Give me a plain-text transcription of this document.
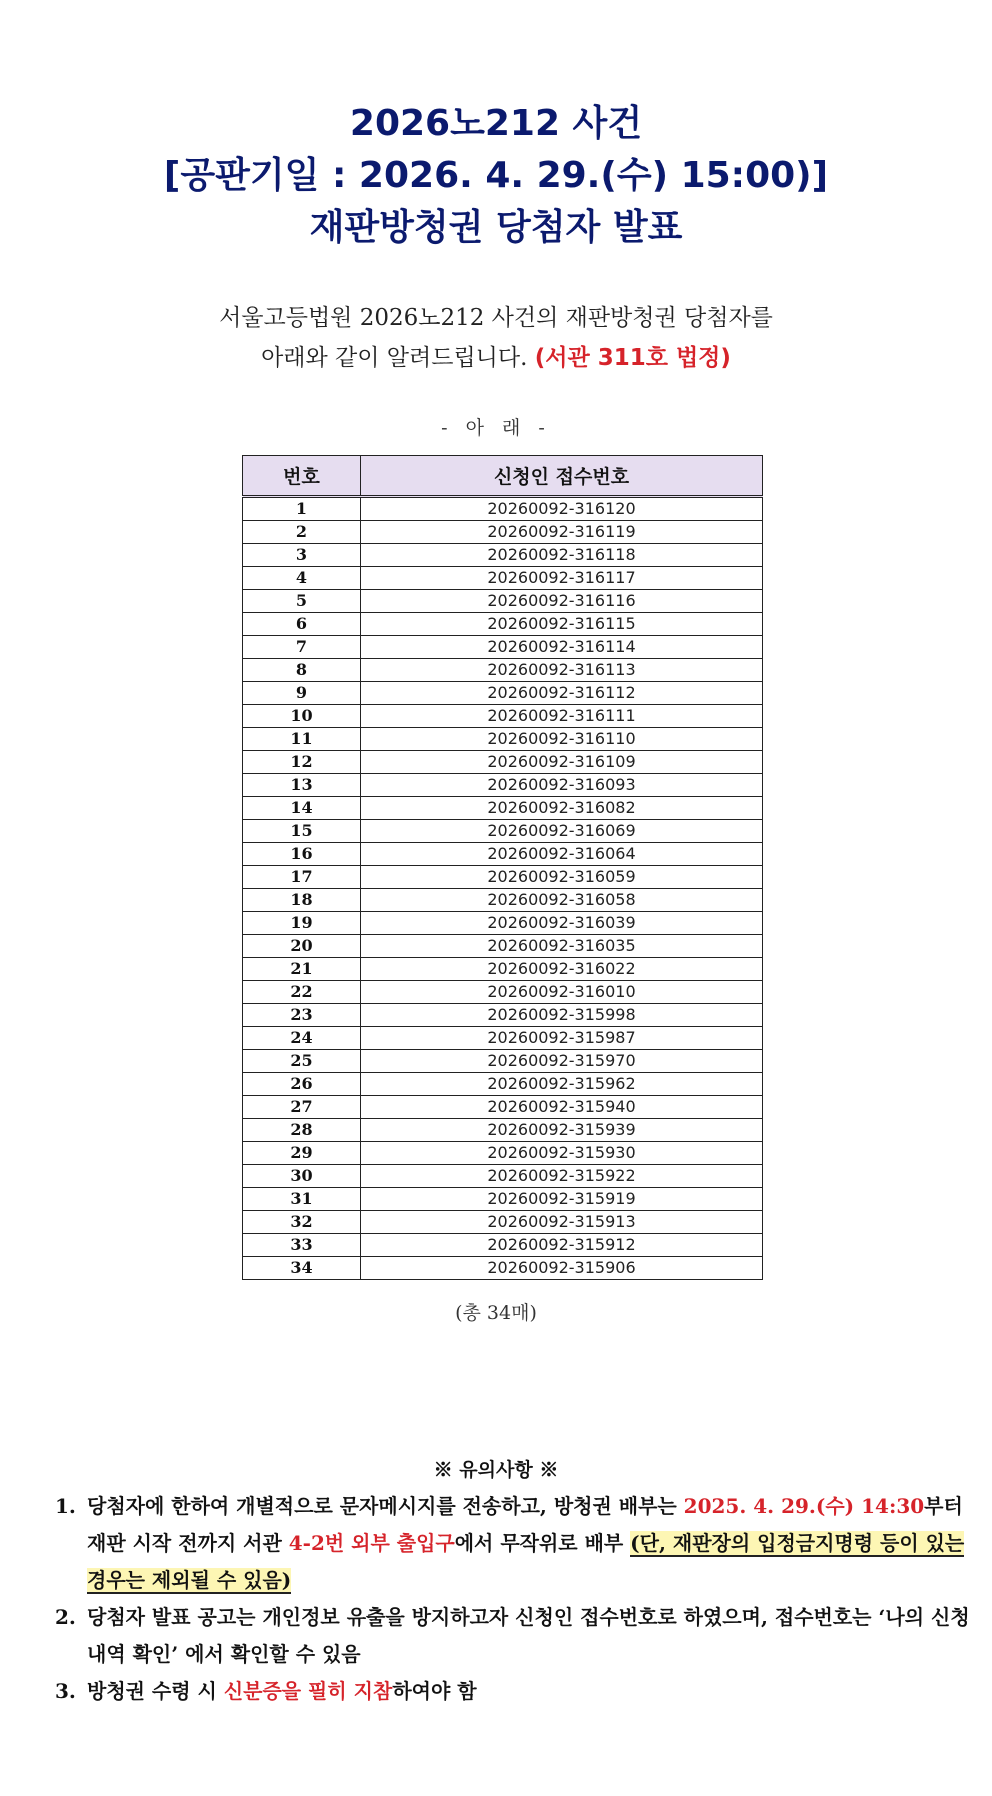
2026노212 사건
[공판기일 : 2026. 4. 29.(수) 15:00)]
재판방청권 당첨자 발표
서울고등법원 2026노212 사건의 재판방청권 당첨자를
아래와 같이 알려드립니다. (서관 311호 법정)
- 아 래 -
번호	신청인 접수번호
1	20260092-316120
2	20260092-316119
3	20260092-316118
4	20260092-316117
5	20260092-316116
6	20260092-316115
7	20260092-316114
8	20260092-316113
9	20260092-316112
10	20260092-316111
11	20260092-316110
12	20260092-316109
13	20260092-316093
14	20260092-316082
15	20260092-316069
16	20260092-316064
17	20260092-316059
18	20260092-316058
19	20260092-316039
20	20260092-316035
21	20260092-316022
22	20260092-316010
23	20260092-315998
24	20260092-315987
25	20260092-315970
26	20260092-315962
27	20260092-315940
28	20260092-315939
29	20260092-315930
30	20260092-315922
31	20260092-315919
32	20260092-315913
33	20260092-315912
34	20260092-315906
(총 34매)
※ 유의사항 ※
1. 당첨자에 한하여 개별적으로 문자메시지를 전송하고, 방청권 배부는 2025. 4. 29.(수) 14:30부터 재판 시작 전까지 서관 4-2번 외부 출입구에서 무작위로 배부 (단, 재판장의 입정금지명령 등이 있는 경우는 제외될 수 있음)
2. 당첨자 발표 공고는 개인정보 유출을 방지하고자 신청인 접수번호로 하였으며, 접수번호는 ‘나의 신청 내역 확인’ 에서 확인할 수 있음
3. 방청권 수령 시 신분증을 필히 지참하여야 함
